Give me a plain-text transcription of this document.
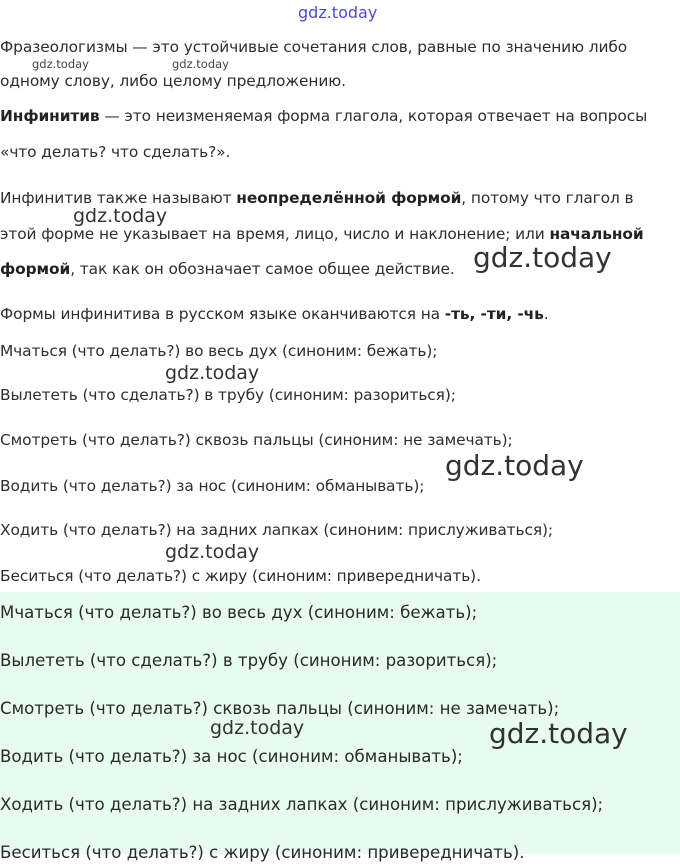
Фразеологизмы — это устойчивые сочетания слов, равные по значению либо
одному слову, либо целому предложению.
Инфинитив — это неизменяемая форма глагола, которая отвечает на вопросы
«что делать? что сделать?».
Инфинитив также называют неопределённой формой, потому что глагол в
этой форме не указывает на время, лицо, число и наклонение; или начальной
формой, так как он обозначает самое общее действие.
Формы инфинитива в русском языке оканчиваются на -ть, -ти, -чь.
Мчаться (что делать?) во весь дух (синоним: бежать);
Вылететь (что сделать?) в трубу (синоним: разориться);
Смотреть (что делать?) сквозь пальцы (синоним: не замечать);
Водить (что делать?) за нос (синоним: обманывать);
Ходить (что делать?) на задних лапках (синоним: прислуживаться);
Беситься (что делать?) с жиру (синоним: привередничать).
Мчаться (что делать?) во весь дух (синоним: бежать);
Вылететь (что сделать?) в трубу (синоним: разориться);
Смотреть (что делать?) сквозь пальцы (синоним: не замечать);
Водить (что делать?) за нос (синоним: обманывать);
Ходить (что делать?) на задних лапках (синоним: прислуживаться);
Беситься (что делать?) с жиру (синоним: привередничать).
gdz.today
gdz.today	gdz.today
gdz.today
gdz.today
gdz.today
gdz.today
gdz.today
gdz.today	gdz.today
